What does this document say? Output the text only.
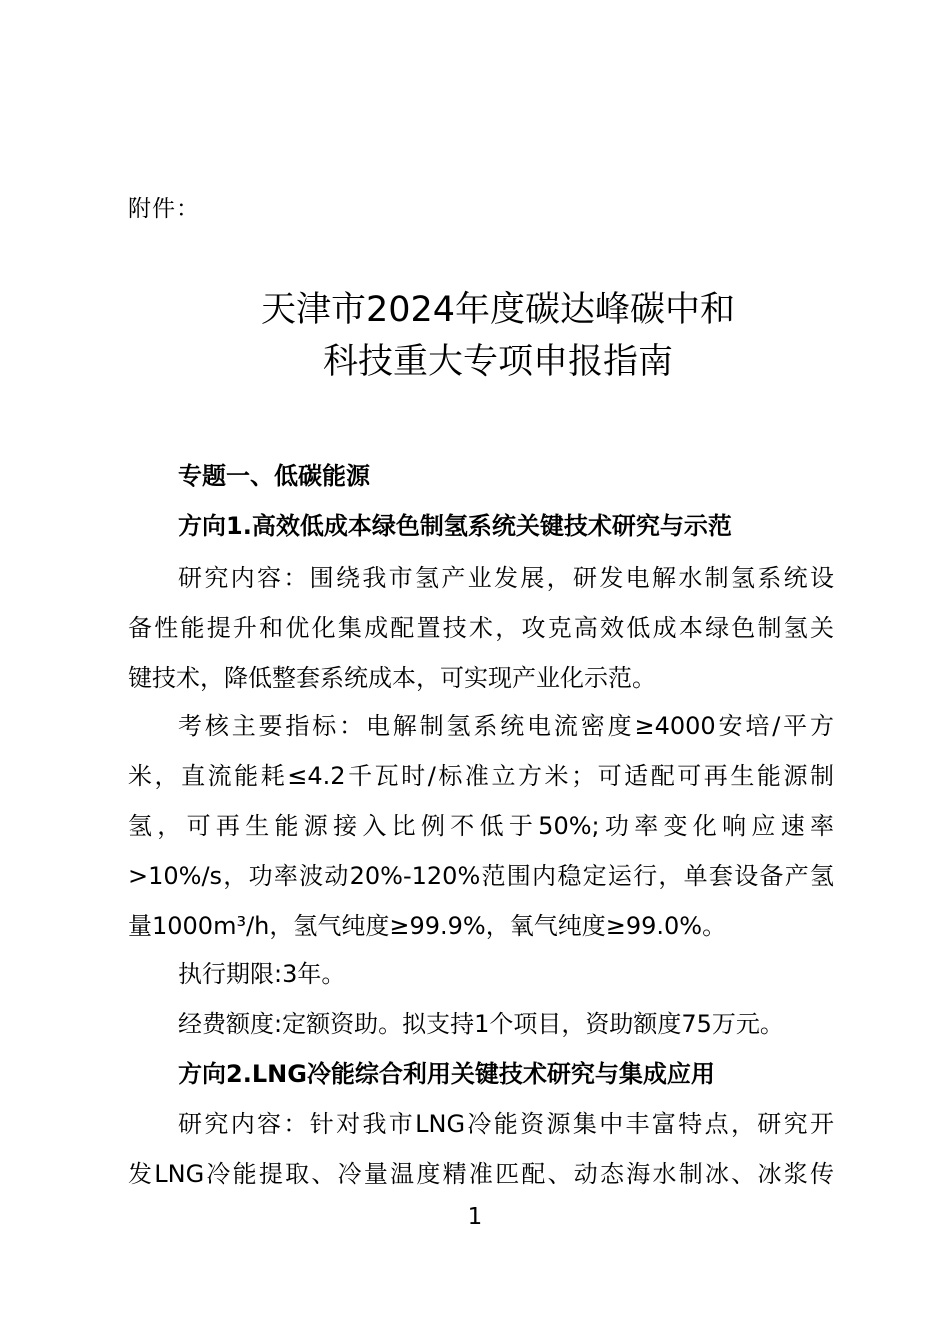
附件：
天津市2024年度碳达峰碳中和
科技重大专项申报指南
专题一、低碳能源
方向1.高效低成本绿色制氢系统关键技术研究与示范
研究内容：围绕我市氢产业发展，研发电解水制氢系统设
备性能提升和优化集成配置技术，攻克高效低成本绿色制氢关
键技术，降低整套系统成本，可实现产业化示范。
考核主要指标：电解制氢系统电流密度≥4000安培/平方
米，直流能耗≤4.2千瓦时/标准立方米；可适配可再生能源制
氢，可再生能源接入比例不低于50%;功率变化响应速率
>10%/s，功率波动20%-120%范围内稳定运行，单套设备产氢
量1000m³/h，氢气纯度≥99.9%，氧气纯度≥99.0%。
执行期限:3年。
经费额度:定额资助。拟支持1个项目，资助额度75万元。
方向2.LNG冷能综合利用关键技术研究与集成应用
研究内容：针对我市LNG冷能资源集中丰富特点，研究开
发LNG冷能提取、冷量温度精准匹配、动态海水制冰、冰浆传
1
